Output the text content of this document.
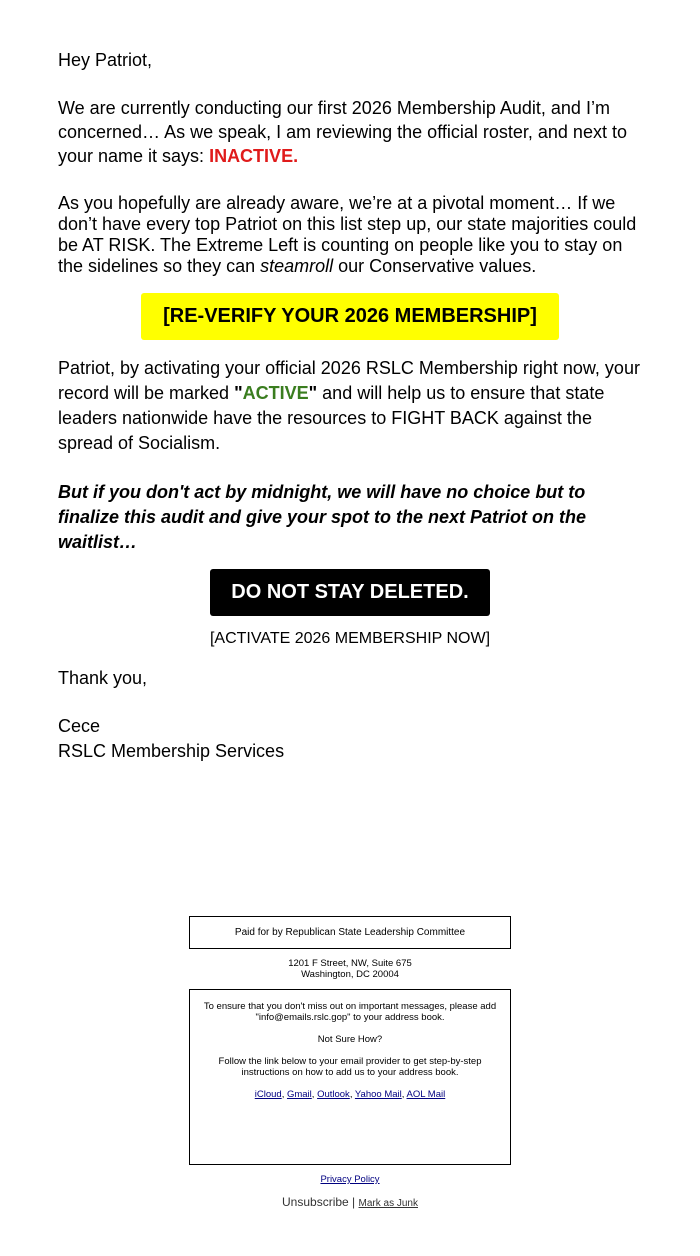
Hey Patriot,

We are currently conducting our first 2026 Membership Audit, and I’m concerned… As we speak, I am reviewing the official roster, and next to your name it says: INACTIVE.

As you hopefully are already aware, we’re at a pivotal moment… If we don’t have every top Patriot on this list step up, our state majorities could be AT RISK. The Extreme Left is counting on people like you to stay on the sidelines so they can steamroll our Conservative values.

Patriot, by activating your official 2026 RSLC Membership right now, your record will be marked "ACTIVE" and will help us to ensure that state leaders nationwide have the resources to FIGHT BACK against the spread of Socialism.

But if you don't act by midnight, we will have no choice but to finalize this audit and give your spot to the next Patriot on the waitlist…

Thank you,

Cece
RSLC Membership Services
[RE-VERIFY YOUR 2026 MEMBERSHIP]
DO NOT STAY DELETED.
[ACTIVATE 2026 MEMBERSHIP NOW]
Paid for by Republican State Leadership Committee
1201 F Street, NW, Suite 675
Washington, DC 20004
To ensure that you don't miss out on important messages, please add "info@emails.rslc.gop" to your address book.
Not Sure How?
Follow the link below to your email provider to get step-by-step instructions on how to add us to your address book.
iCloud, Gmail, Outlook, Yahoo Mail, AOL Mail
Privacy Policy
Unsubscribe | Mark as Junk
